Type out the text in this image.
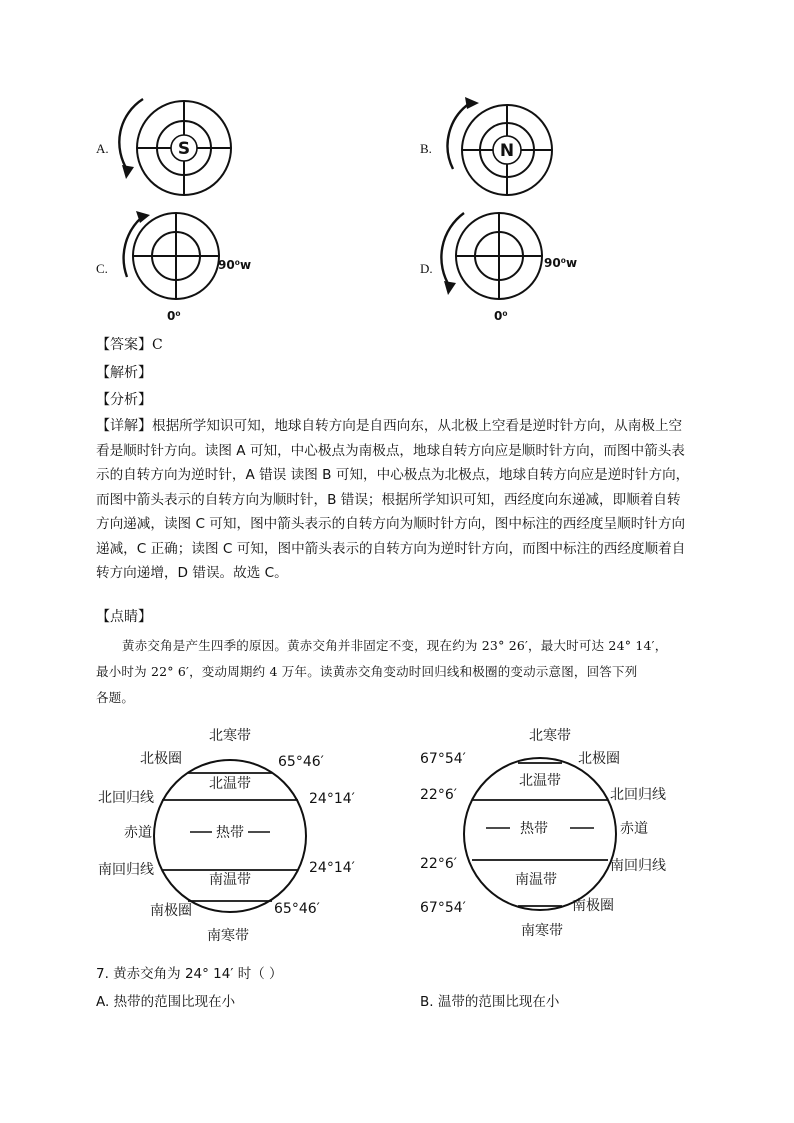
A.	S	B.	N
C.	90⁰w
0⁰
D.	90⁰w
0⁰
【答案】C
【解析】
【分析】
【详解】根据所学知识可知，地球自转方向是自西向东，从北极上空看是逆时针方向，从南极上空
看是顺时针方向。读图 A 可知，中心极点为南极点，地球自转方向应是顺时针方向，而图中箭头表
示的自转方向为逆时针，A 错误 读图 B 可知，中心极点为北极点，地球自转方向应是逆时针方向，
而图中箭头表示的自转方向为顺时针，B 错误；根据所学知识可知，西经度向东递减，即顺着自转
方向递减，读图 C 可知，图中箭头表示的自转方向为顺时针方向，图中标注的西经度呈顺时针方向
递减，C 正确；读图 C 可知，图中箭头表示的自转方向为逆时针方向，而图中标注的西经度顺着自
转方向递增，D 错误。故选 C。
【点睛】
黄赤交角是产生四季的原因。黄赤交角并非固定不变，现在约为 23° 26′，最大时可达 24° 14′，
最小时为 22° 6′，变动周期约 4 万年。读黄赤交角变动时回归线和极圈的变动示意图，回答下列
各题。
北寒带
北极圈	65°46′
北温带
北回归线	24°14′
赤道	热带
南回归线	24°14′
南温带
南极圈	65°46′
南寒带
北寒带
67°54′	北极圈
北温带
22°6′	北回归线
热带	赤道
22°6′	南回归线
南温带
67°54′	南极圈
南寒带
7. 黄赤交角为 24° 14′ 时（ ）
A. 热带的范围比现在小	B. 温带的范围比现在小
